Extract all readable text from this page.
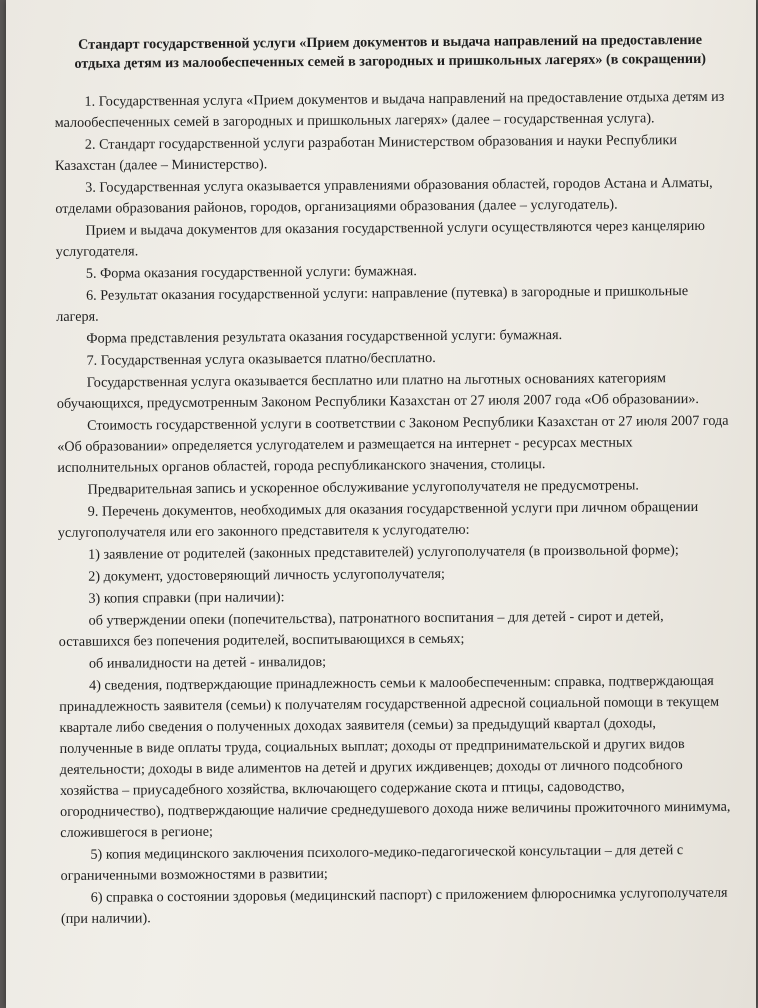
Стандарт государственной услуги «Прием документов и выдача направлений на предоставление отдыха детям из малообеспеченных семей в загородных и пришкольных лагерях» (в сокращении)
1. Государственная услуга «Прием документов и выдача направлений на предоставление отдыха детям из малообеспеченных семей в загородных и пришкольных лагерях» (далее – государственная услуга).
2. Стандарт государственной услуги разработан Министерством образования и науки Республики Казахстан (далее – Министерство).
3. Государственная услуга оказывается управлениями образования областей, городов Астана и Алматы, отделами образования районов, городов, организациями образования (далее – услугодатель).
Прием и выдача документов для оказания государственной услуги осуществляются через канцелярию услугодателя.
5. Форма оказания государственной услуги: бумажная.
6. Результат оказания государственной услуги: направление (путевка) в загородные и пришкольные лагеря.
Форма представления результата оказания государственной услуги: бумажная.
7. Государственная услуга оказывается платно/бесплатно.
Государственная услуга оказывается бесплатно или платно на льготных основаниях категориям обучающихся, предусмотренным Законом Республики Казахстан от 27 июля 2007 года «Об образовании».
Стоимость государственной услуги в соответствии с Законом Республики Казахстан от 27 июля 2007 года «Об образовании» определяется услугодателем и размещается на интернет - ресурсах местных исполнительных органов областей, города республиканского значения, столицы.
Предварительная запись и ускоренное обслуживание услугополучателя не предусмотрены.
9. Перечень документов, необходимых для оказания государственной услуги при личном обращении услугополучателя или его законного представителя к услугодателю:
1) заявление от родителей (законных представителей) услугополучателя (в произвольной форме);
2) документ, удостоверяющий личность услугополучателя;
3) копия справки (при наличии):
об утверждении опеки (попечительства), патронатного воспитания – для детей - сирот и детей, оставшихся без попечения родителей, воспитывающихся в семьях;
об инвалидности на детей - инвалидов;
4) сведения, подтверждающие принадлежность семьи к малообеспеченным: справка, подтверждающая принадлежность заявителя (семьи) к получателям государственной адресной социальной помощи в текущем квартале либо сведения о полученных доходах заявителя (семьи) за предыдущий квартал (доходы, полученные в виде оплаты труда, социальных выплат; доходы от предпринимательской и других видов деятельности; доходы в виде алиментов на детей и других иждивенцев; доходы от личного подсобного хозяйства – приусадебного хозяйства, включающего содержание скота и птицы, садоводство, огородничество), подтверждающие наличие среднедушевого дохода ниже величины прожиточного минимума, сложившегося в регионе;
5) копия медицинского заключения психолого-медико-педагогической консультации – для детей с ограниченными возможностями в развитии;
6) справка о состоянии здоровья (медицинский паспорт) с приложением флюроснимка услугополучателя (при наличии).
